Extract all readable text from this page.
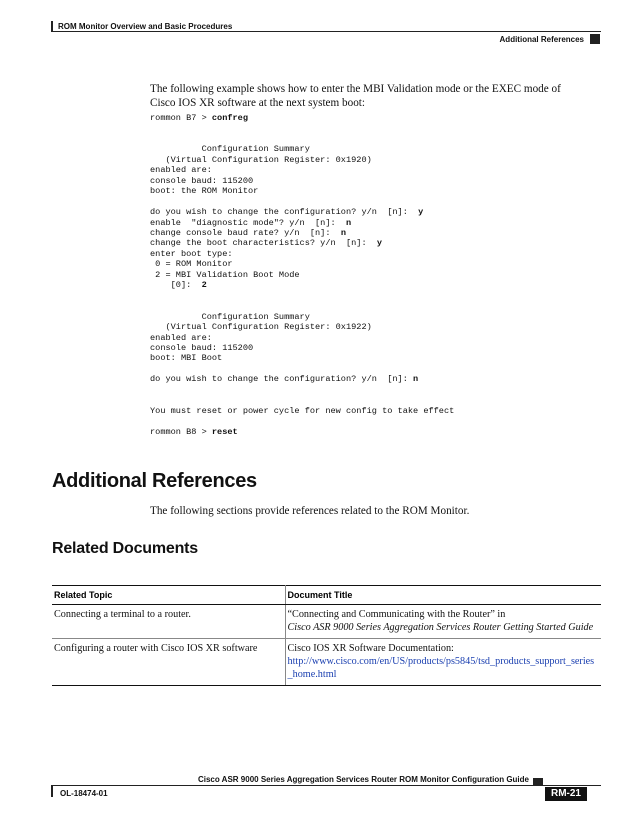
ROM Monitor Overview and Basic Procedures
Additional References
The following example shows how to enter the MBI Validation mode or the EXEC mode of Cisco IOS XR software at the next system boot:
rommon B7 > confreg

Configuration Summary
(Virtual Configuration Register: 0x1920)
enabled are:
console baud: 115200
boot: the ROM Monitor

do you wish to change the configuration? y/n  [n]:  y
enable  "diagnostic mode"? y/n  [n]:  n
change console baud rate? y/n  [n]:  n
change the boot characteristics? y/n  [n]:  y
enter boot type:
0 = ROM Monitor
2 = MBI Validation Boot Mode
[0]:  2

Configuration Summary
(Virtual Configuration Register: 0x1922)
enabled are:
console baud: 115200
boot: MBI Boot

do you wish to change the configuration? y/n  [n]: n

You must reset or power cycle for new config to take effect

rommon B8 > reset
Additional References
The following sections provide references related to the ROM Monitor.
Related Documents
Related Topic	Document Title
Connecting a terminal to a router.	“Connecting and Communicating with the Router” in
Cisco ASR 9000 Series Aggregation Services Router Getting Started Guide

Configuring a router with Cisco IOS XR software	Cisco IOS XR Software Documentation:
http://www.cisco.com/en/US/products/ps5845/tsd_products_support_series_home.html
Cisco ASR 9000 Series Aggregation Services Router ROM Monitor Configuration Guide
OL-18474-01	RM-21
